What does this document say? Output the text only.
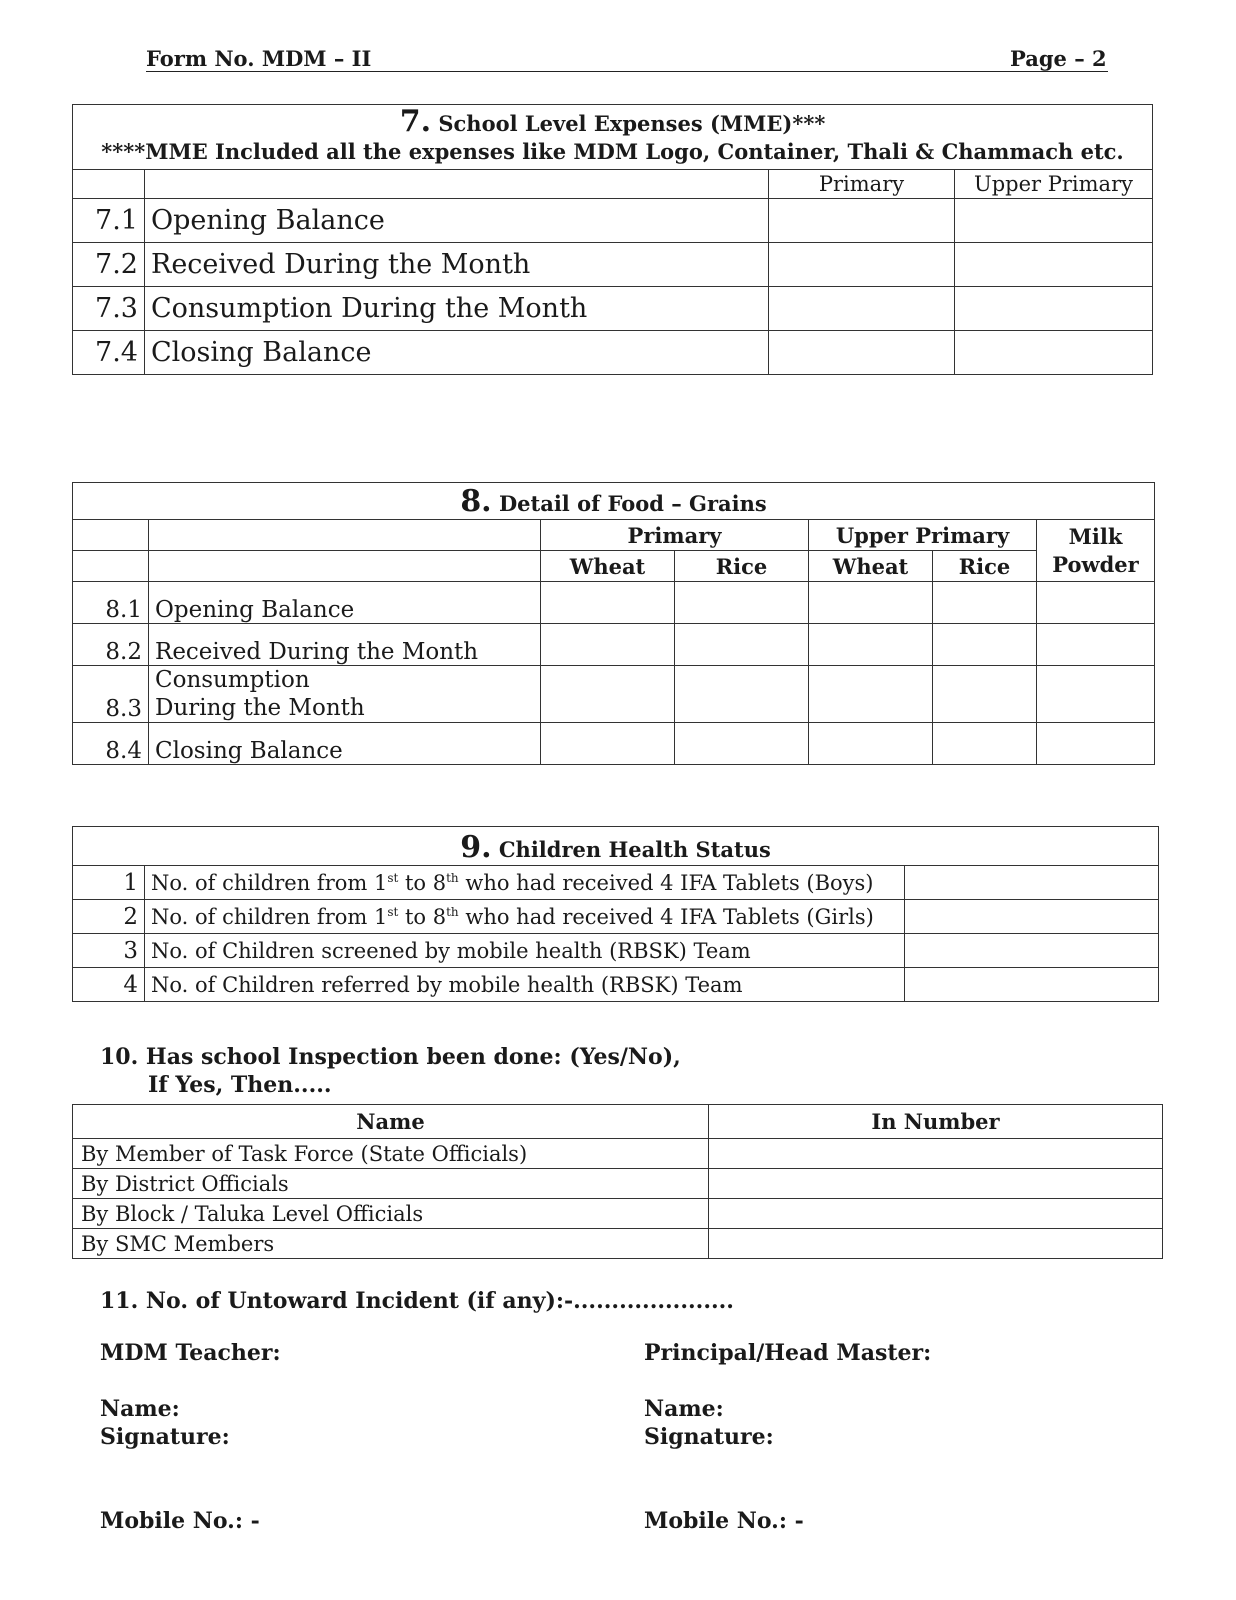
Form No. MDM – II	Page – 2
7. School Level Expenses (MME)***
****MME Included all the expenses like MDM Logo, Container, Thali & Chammach etc.			
		Primary	Upper Primary
7.1	Opening Balance		
7.2	Received During the Month		
7.3	Consumption During the Month		
7.4	Closing Balance		
8. Detail of Food – Grains						
		Primary		Upper Primary		Milk
Powder
		Wheat	Rice	Wheat	Rice	
8.1	Opening Balance					
8.2	Received During the Month					
8.3	Consumption During the Month					
8.4	Closing Balance					
9. Children Health Status		
1	No. of children from 1st to 8th who had received 4 IFA Tablets (Boys)	
2	No. of children from 1st to 8th who had received 4 IFA Tablets (Girls)	
3	No. of Children screened by mobile health (RBSK) Team	
4	No. of Children referred by mobile health (RBSK) Team	
10. Has school Inspection been done: (Yes/No),
If Yes, Then.....
Name	In Number
By Member of Task Force (State Officials)	
By District Officials	
By Block / Taluka Level Officials	
By SMC Members	
11. No. of Untoward Incident (if any):-.....................
MDM Teacher:	Principal/Head Master:
Name:
Signature:
Name:
Signature:
Mobile No.: -	Mobile No.: -
